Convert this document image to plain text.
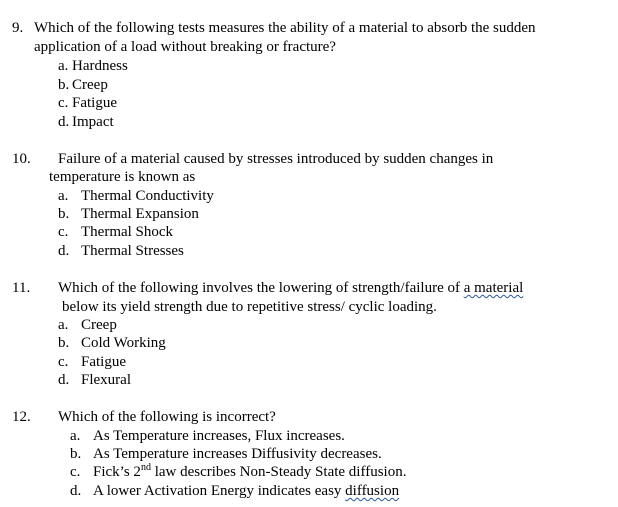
9. Which of the following tests measures the ability of a material to absorb the sudden
application of a load without breaking or fracture?
a. Hardness
b. Creep
c. Fatigue
d. Impact
10. Failure of a material caused by stresses introduced by sudden changes in
temperature is known as
a. Thermal Conductivity
b. Thermal Expansion
c. Thermal Shock
d. Thermal Stresses
11. Which of the following involves the lowering of strength/failure of a material
below its yield strength due to repetitive stress/ cyclic loading.
a. Creep
b. Cold Working
c. Fatigue
d. Flexural
12. Which of the following is incorrect?
a. As Temperature increases, Flux increases.
b. As Temperature increases Diffusivity decreases.
c. Fick’s 2nd law describes Non-Steady State diffusion.
d. A lower Activation Energy indicates easy diffusion
